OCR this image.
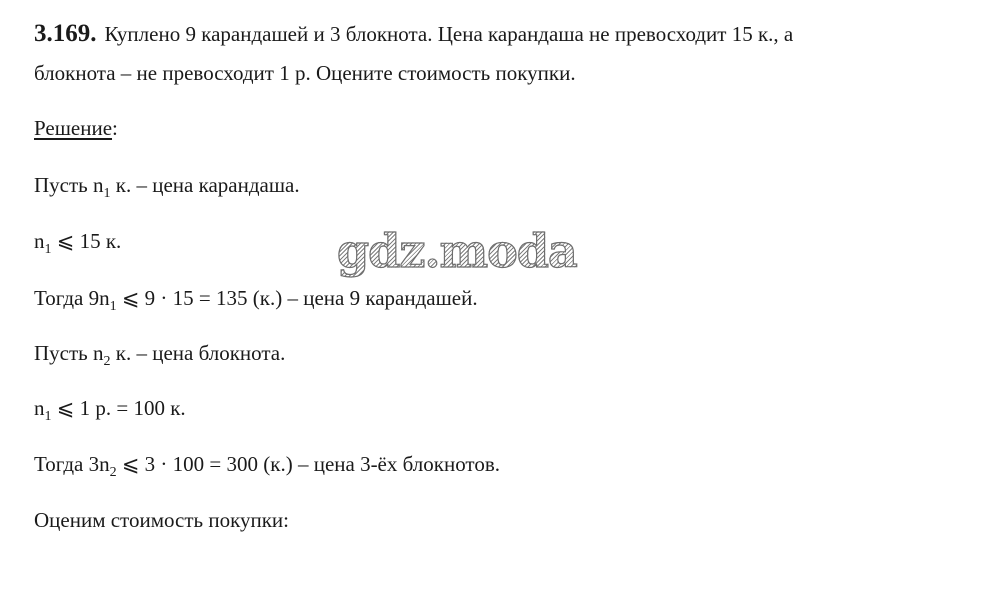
3.169. Куплено 9 карандашей и 3 блокнота. Цена карандаша не превосходит 15 к., а
блокнота – не превосходит 1 р. Оцените стоимость покупки.
Решение:
Пусть $n_1$ к. – цена карандаша.
$n_1$ ⩽ 15 к.
Тогда $9n_1$ ⩽ 9 · 15 = 135 (к.) – цена 9 карандашей.
Пусть $n_2$ к. – цена блокнота.
$n_1$ ⩽ 1 р. = 100 к.
Тогда $3n_2$ ⩽ 3 · 100 = 300 (к.) – цена 3-ёх блокнотов.
Оценим стоимость покупки:
gdz.moda
